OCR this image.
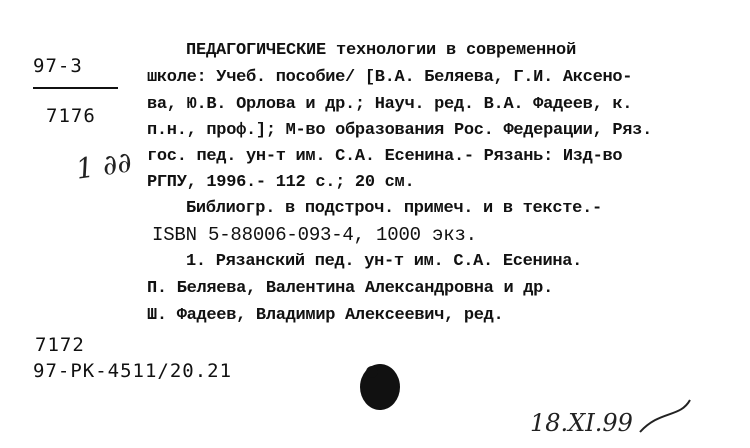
97-3
7176
7172
97-РК-4511/20.21
ПЕДАГОГИЧЕСКИЕ технологии в современной
школе: Учеб. пособие/ [В.А. Беляева, Г.И. Аксено-
ва, Ю.В. Орлова и др.; Науч. ред. В.А. Фадеев, к.
п.н., проф.]; М-во образования Рос. Федерации, Ряз.
гос. пед. ун-т им. С.А. Есенина.- Рязань: Изд-во
РГПУ, 1996.- 112 с.; 20 см.
Библиогр. в подстроч. примеч. и в тексте.-
ISBN 5-88006-093-4, 1000 экз.
1. Рязанский пед. ун-т им. С.А. Есенина.
П. Беляева, Валентина Александровна и др.
Ш. Фадеев, Владимир Алексеевич, ред.
1 ∂∂
18.XI.99
